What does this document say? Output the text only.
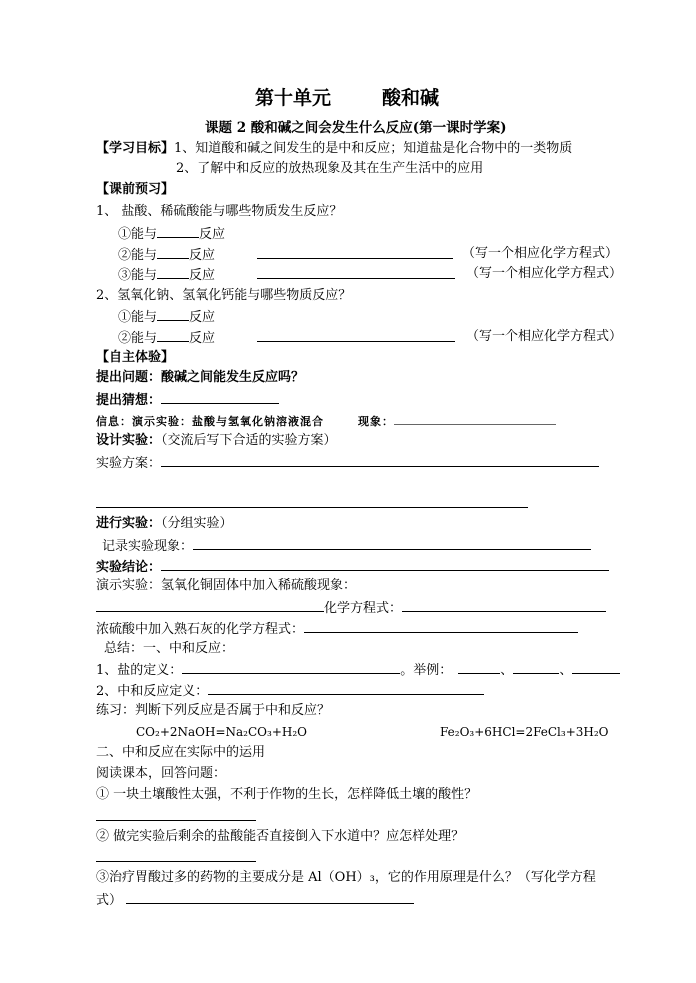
第十单元	酸和碱
课题 2 酸和碱之间会发生什么反应(第一课时学案)
【学习目标】1、知道酸和碱之间发生的是中和反应；知道盐是化合物中的一类物质
2、了解中和反应的放热现象及其在生产生活中的应用
【课前预习】
1、 盐酸、稀硫酸能与哪些物质发生反应？
①能与	反应
②能与 反应	（写一个相应化学方程式）
③能与 反应	（写一个相应化学方程式）
2、氢氧化钠、氢氧化钙能与哪些物质反应？
①能与 反应
②能与 反应	（写一个相应化学方程式）
【自主体验】
提出问题：酸碱之间能发生反应吗？
提出猜想：
信息：演示实验：盐酸与氢氧化钠溶液混合	现象：
设计实验：（交流后写下合适的实验方案）
实验方案：
进行实验：（分组实验）
记录实验现象：
实验结论：
演示实验：氢氧化铜固体中加入稀硫酸现象：
化学方程式：
浓硫酸中加入熟石灰的化学方程式：
总结：一、中和反应：
1、盐的定义：	。举例：	、	、
2、中和反应定义：
练习：判断下列反应是否属于中和反应？
CO₂+2NaOH=Na₂CO₃+H₂O	Fe₂O₃+6HCl=2FeCl₃+3H₂O
二、中和反应在实际中的运用
阅读课本，回答问题：
① 一块土壤酸性太强，不利于作物的生长，怎样降低土壤的酸性？
② 做完实验后剩余的盐酸能否直接倒入下水道中？应怎样处理？
③治疗胃酸过多的药物的主要成分是 Al（OH）₃，它的作用原理是什么？（写化学方程
式）
